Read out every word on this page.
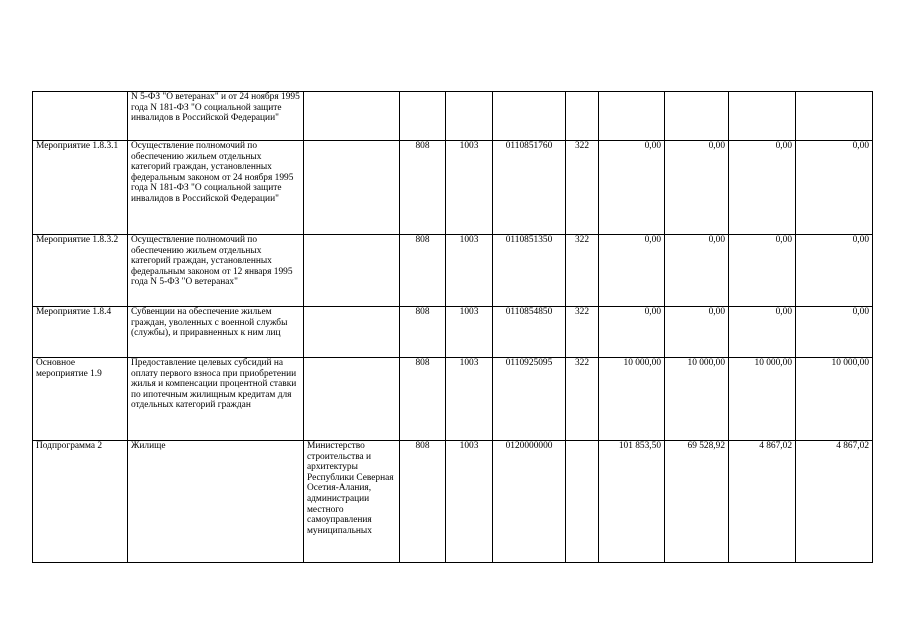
	N 5-ФЗ "О ветеранах" и от 24 ноября 1995 года N 181-ФЗ "О социальной защите инвалидов в Российской Федерации"									

Мероприятие 1.8.3.1	Осуществление полномочий по обеспечению жильем отдельных категорий граждан, установленных федеральным законом от 24 ноября 1995 года N 181-ФЗ "О социальной защите инвалидов в Российской Федерации"		808	1003	0110851760	322	0,00	0,00	0,00	0,00

Мероприятие 1.8.3.2	Осуществление полномочий по обеспечению жильем отдельных категорий граждан, установленных федеральным законом от 12 января 1995 года N 5-ФЗ "О ветеранах"		808	1003	0110851350	322	0,00	0,00	0,00	0,00

Мероприятие 1.8.4	Субвенции на обеспечение жильем граждан, уволенных с военной службы (службы), и приравненных к ним лиц		808	1003	0110854850	322	0,00	0,00	0,00	0,00

Основное мероприятие 1.9	Предоставление целевых субсидий на оплату первого взноса при приобретении жилья и компенсации процентной ставки по ипотечным жилищным кредитам для отдельных категорий граждан		808	1003	0110925095	322	10 000,00	10 000,00	10 000,00	10 000,00

Подпрограмма 2	Жилище	Министерство строительства и архитектуры Республики Северная Осетия-Алания, администрации местного самоуправления муниципальных	808	1003	0120000000		101 853,50	69 528,92	4 867,02	4 867,02
